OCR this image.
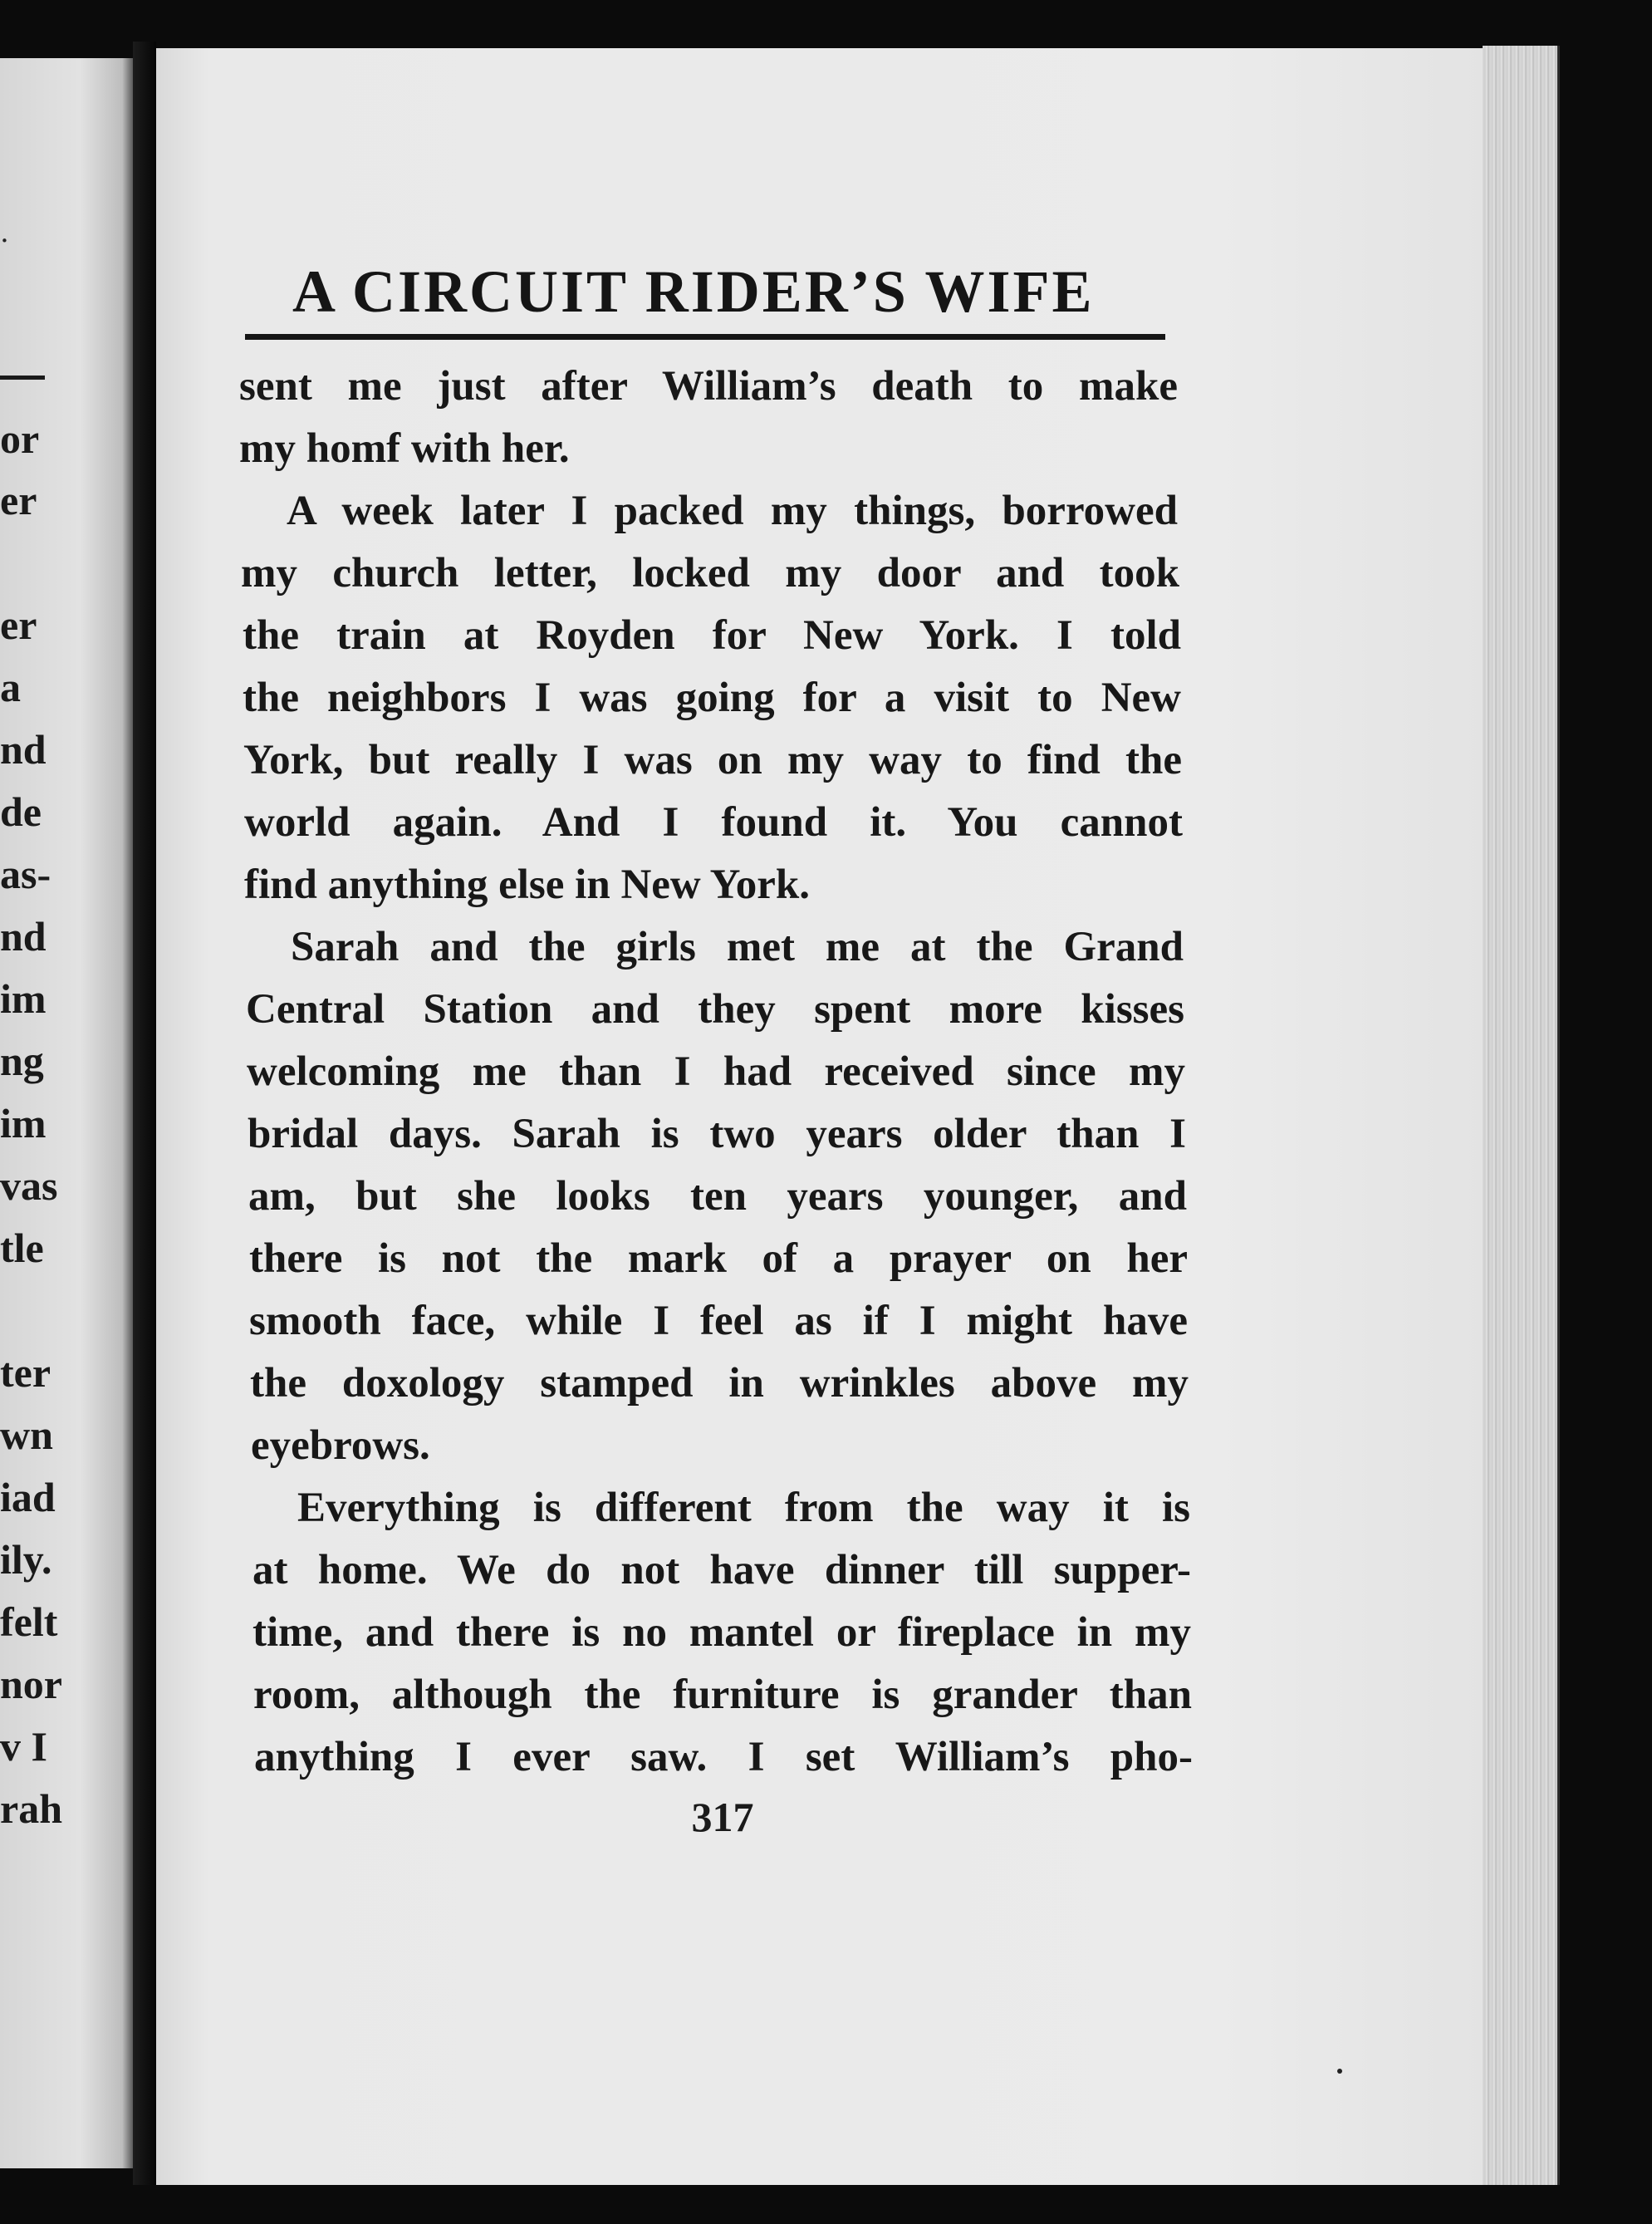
.
or
er
er
a
nd
de
as-
nd
im
ng
im
vas
tle
ter
wn
iad
ily.
felt
nor
v I
rah
A CIRCUIT RIDER’S WIFE
sent me just after William’s death to make
my homf with her.
A week later I packed my things, borrowed
my church letter, locked my door and took
the train at Royden for New York. I told
the neighbors I was going for a visit to New
York, but really I was on my way to find the
world again. And I found it. You cannot
find anything else in New York.
Sarah and the girls met me at the Grand
Central Station and they spent more kisses
welcoming me than I had received since my
bridal days. Sarah is two years older than I
am, but she looks ten years younger, and
there is not the mark of a prayer on her
smooth face, while I feel as if I might have
the doxology stamped in wrinkles above my
eyebrows.
Everything is different from the way it is
at home. We do not have dinner till supper-
time, and there is no mantel or fireplace in my
room, although the furniture is grander than
anything I ever saw. I set William’s pho-
317
